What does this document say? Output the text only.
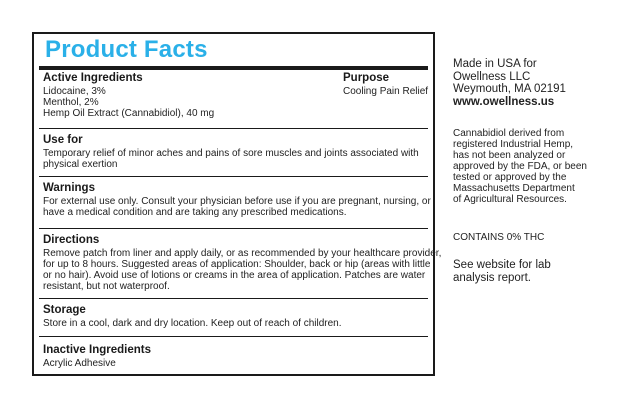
Product Facts
Active Ingredients
Lidocaine, 3%
Menthol, 2%
Hemp Oil Extract (Cannabidiol), 40 mg
Purpose
Cooling Pain Relief
Use for
Temporary relief of minor aches and pains of sore muscles and joints associated with
physical exertion
Warnings
For external use only. Consult your physician before use if you are pregnant, nursing, or
have a medical condition and are taking any prescribed medications.
Directions
Remove patch from liner and apply daily, or as recommended by your healthcare provider,
for up to 8 hours. Suggested areas of application: Shoulder, back or hip (areas with little
or no hair). Avoid use of lotions or creams in the area of application. Patches are water
resistant, but not waterproof.
Storage
Store in a cool, dark and dry location. Keep out of reach of children.
Inactive Ingredients
Acrylic Adhesive
Made in USA for
Owellness LLC
Weymouth, MA 02191
www.owellness.us
Cannabidiol derived from
registered Industrial Hemp,
has not been analyzed or
approved by the FDA, or been
tested or approved by the
Massachusetts Department
of Agricultural Resources.
CONTAINS 0% THC
See website for lab
analysis report.
